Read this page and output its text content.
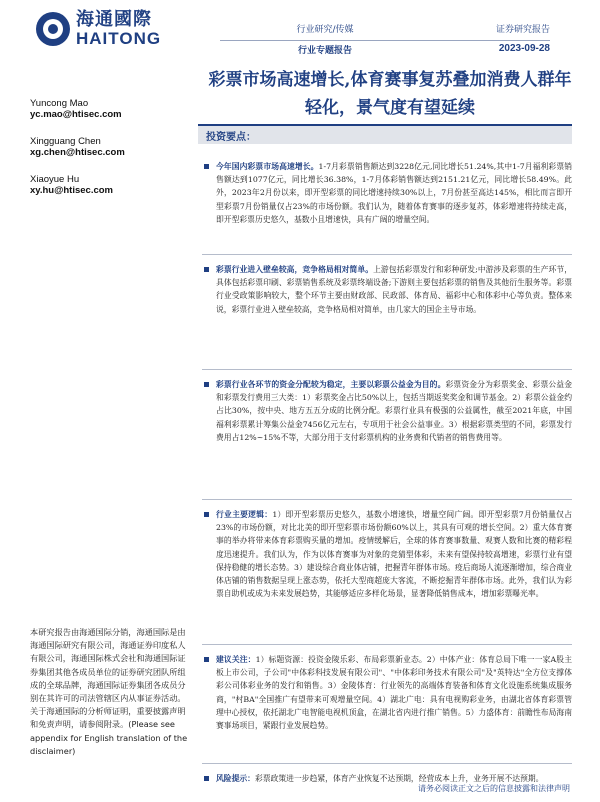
海通國際
HAITONG	行业研究/传媒
行业专题报告
证券研究报告
2023-09-28
彩票市场高速增长,体育赛事复苏叠加消费人群年轻化，景气度有望延续
Yuncong Mao
yc.mao@htisec.com
Xingguang Chen
xg.chen@htisec.com
Xiaoyue Hu
xy.hu@htisec.com
本研究报告由海通国际分销，海通国际是由海通国际研究有限公司，海通证券印度私人有限公司，海通国际株式会社和海通国际证券集团其他各成员单位的证券研究团队所组成的全球品牌，海通国际证券集团各成员分别在其许可的司法管辖区内从事证券活动。关于海通国际的分析师证明，重要披露声明和免责声明，请参阅附录。(Please see appendix for English translation of the disclaimer)
投资要点：
今年国内彩票市场高速增长。1-7月彩票销售额达到3228亿元,同比增长51.24%,其中1-7月福利彩票销售额达到1077亿元，同比增长36.38%，1-7月体彩销售额达到2151.21亿元，同比增长58.49%。此外，2023年2月份以来，即开型彩票的同比增速持续30%以上，7月份甚至高达145%，相比而言即开型彩票7月份销量仅占23%的市场份额。我们认为，随着体育赛事的逐步复苏，体彩增速将持续走高，即开型彩票历史悠久，基数小且增速快，具有广阔的增量空间。
彩票行业进入壁垒较高，竞争格局相对简单。上游包括彩票发行和彩种研发;中游涉及彩票的生产环节，具体包括彩票印刷、彩票销售系统及彩票终端设备;下游则主要包括彩票的销售及其他衍生服务等。彩票行业受政策影响较大，整个环节主要由财政部、民政部、体育局、福彩中心和体彩中心等负责。整体来说，彩票行业进入壁垒较高，竞争格局相对简单，由几家大的国企主导市场。
彩票行业各环节的资金分配较为稳定，主要以彩票公益金为目的。彩票资金分为彩票奖金、彩票公益金和彩票发行费用三大类：1）彩票奖金占比50%以上，包括当期返奖奖金和调节基金。2）彩票公益金约占比30%，按中央、地方五五分成的比例分配。彩票行业具有极强的公益属性，截至2021年底，中国福利彩票累计筹集公益金7456亿元左右，专项用于社会公益事业。3）根据彩票类型的不同，彩票发行费用占12%~15%不等，大部分用于支付彩票机构的业务费和代销者的销售费用等。
行业主要逻辑：1）即开型彩票历史悠久，基数小增速快，增量空间广阔。即开型彩票7月份销量仅占23%的市场份额，对比北美的即开型彩票市场份额60%以上，其具有可观的增长空间。2）重大体育赛事的举办将带来体育彩票购买量的增加。疫情缓解后，全球的体育赛事数量、观赛人数和比赛的精彩程度迅速提升。我们认为，作为以体育赛事为对象的竞猜型体彩，未来有望保持较高增速，彩票行业有望保持稳健的增长态势。3）建设综合商业体店铺，把握青年群体市场。疫后商场人流逐渐增加，综合商业体店铺的销售数据呈现上涨态势，依托大型商超庞大客流，不断挖掘青年群体市场。此外，我们认为彩票自助机或成为未来发展趋势，其能够适应多样化场景，显著降低销售成本，增加彩票曝光率。
建议关注：1）标题资源：投资金陵乐彩、布局彩票新业态。2）中体产业：体育总局下唯一一家A股主板上市公司，子公司"中体彩科技发展有限公司"、"中体彩印务技术有限公司"及"英特达"全方位支撑体彩公司体彩业务的发行和销售。3）金陵体育：行业领先的高端体育装备和体育文化设施系统集成服务商，"村BA"全国推广有望带来可观增量空间。4）湖北广电：具有电视购彩业务，由湖北省体育彩票管理中心授权，依托湖北广电智能电视机顶盒，在湖北省内进行推广销售。5）力盛体育：前瞻性布局海南赛事场项目，紧跟行业发展趋势。
风险提示：彩票政策进一步趋紧，体育产业恢复不达预期，经营成本上升，业务开展不达预期。
请务必阅读正文之后的信息披露和法律声明
